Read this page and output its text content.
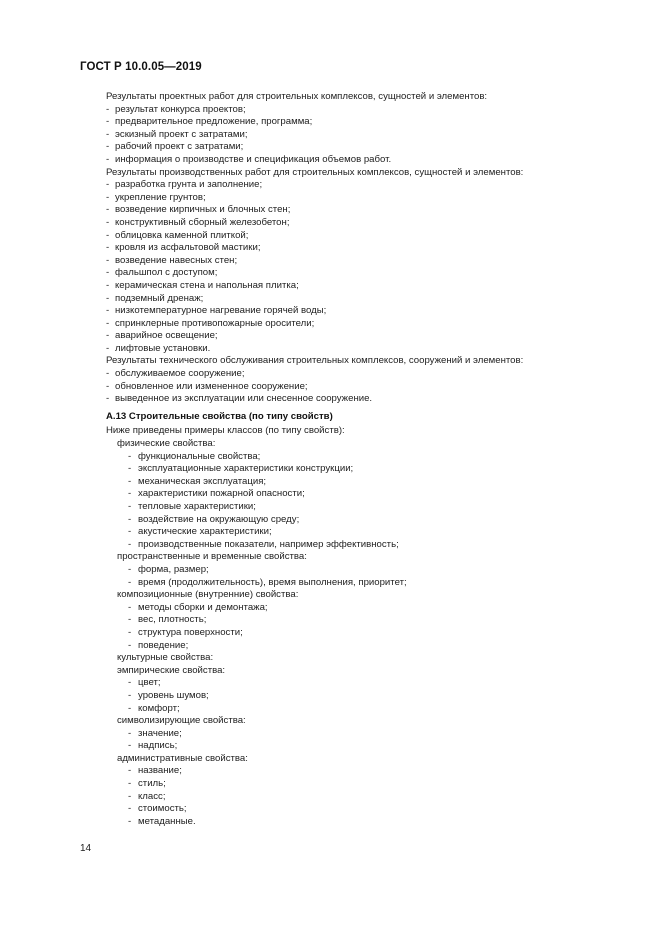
ГОСТ Р 10.0.05—2019
Результаты проектных работ для строительных комплексов, сущностей и элементов:
- результат конкурса проектов;
- предварительное предложение, программа;
- эскизный проект с затратами;
- рабочий проект с затратами;
- информация о производстве и спецификация объемов работ.
Результаты производственных работ для строительных комплексов, сущностей и элементов:
- разработка грунта и заполнение;
- укрепление грунтов;
- возведение кирпичных и блочных стен;
- конструктивный сборный железобетон;
- облицовка каменной плиткой;
- кровля из асфальтовой мастики;
- возведение навесных стен;
- фальшпол с доступом;
- керамическая стена и напольная плитка;
- подземный дренаж;
- низкотемпературное нагревание горячей воды;
- спринклерные противопожарные оросители;
- аварийное освещение;
- лифтовые установки.
Результаты технического обслуживания строительных комплексов, сооружений и элементов:
- обслуживаемое сооружение;
- обновленное или измененное сооружение;
- выведенное из эксплуатации или снесенное сооружение.
А.13 Строительные свойства (по типу свойств)
Ниже приведены примеры классов (по типу свойств):
физические свойства:
- функциональные свойства;
- эксплуатационные характеристики конструкции;
- механическая эксплуатация;
- характеристики пожарной опасности;
- тепловые характеристики;
- воздействие на окружающую среду;
- акустические характеристики;
- производственные показатели, например эффективность;
пространственные и временные свойства:
- форма, размер;
- время (продолжительность), время выполнения, приоритет;
композиционные (внутренние) свойства:
- методы сборки и демонтажа;
- вес, плотность;
- структура поверхности;
- поведение;
культурные свойства:
эмпирические свойства:
- цвет;
- уровень шумов;
- комфорт;
символизирующие свойства:
- значение;
- надпись;
административные свойства:
- название;
- стиль;
- класс;
- стоимость;
- метаданные.
14
